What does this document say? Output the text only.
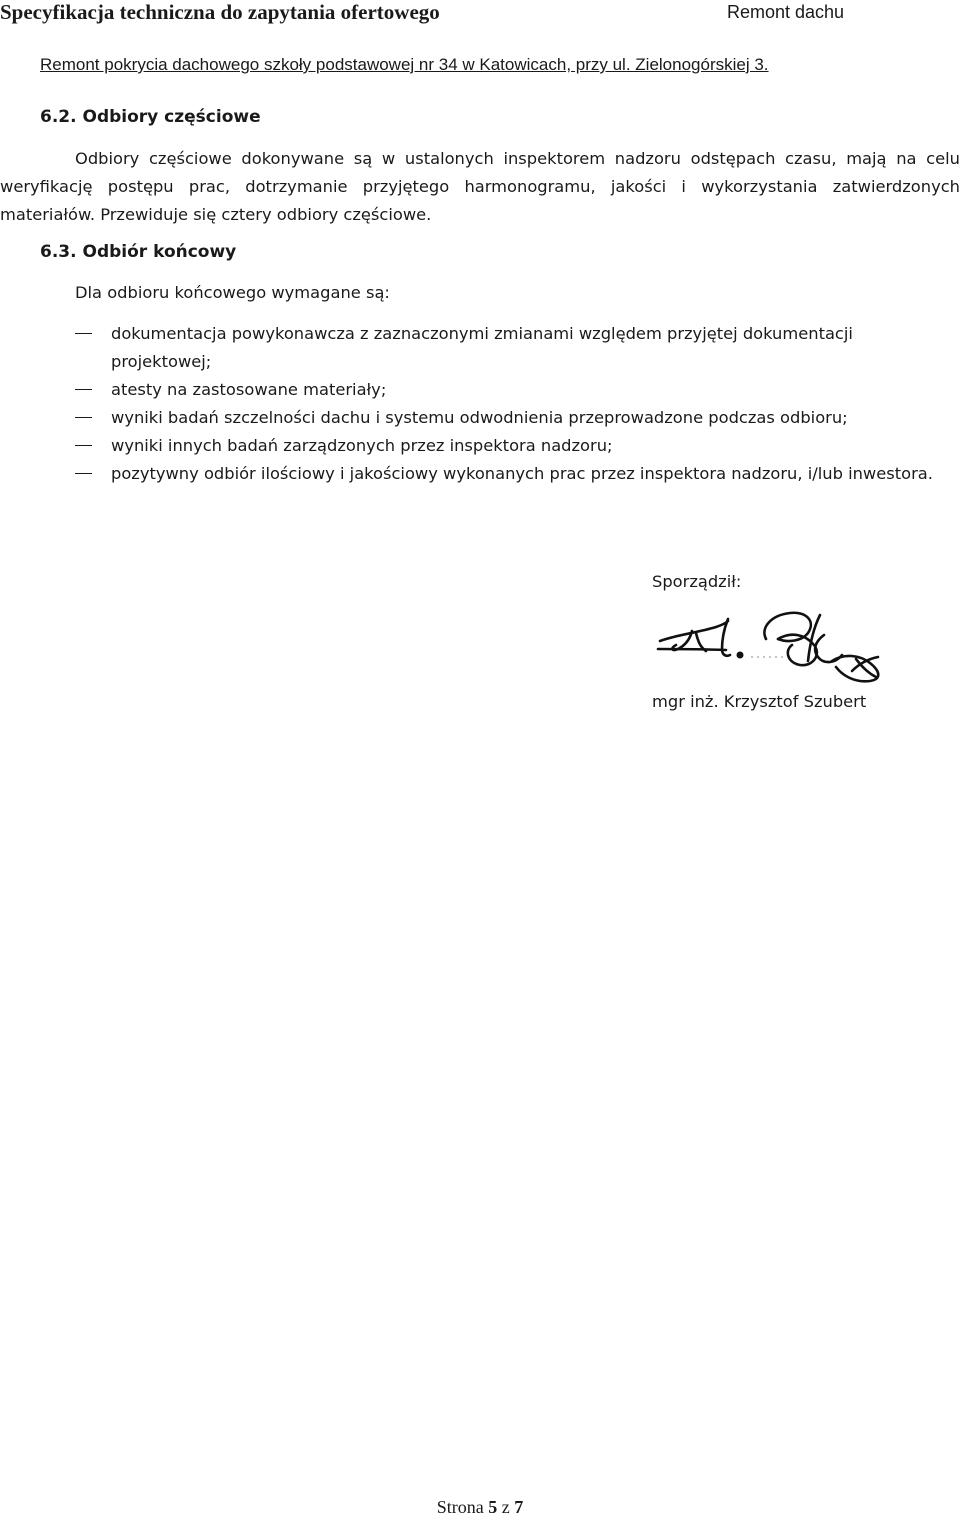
Specyfikacja techniczna do zapytania ofertowego	Remont dachu
Remont pokrycia dachowego szkoły podstawowej nr 34 w Katowicach, przy ul. Zielonogórskiej 3.
6.2. Odbiory częściowe

Odbiory częściowe dokonywane są w ustalonych inspektorem nadzoru odstępach czasu, mają na celu weryfikację postępu prac, dotrzymanie przyjętego harmonogramu, jakości i wykorzystania zatwierdzonych materiałów. Przewiduje się cztery odbiory częściowe.

6.3. Odbiór końcowy
Dla odbioru końcowego wymagane są:
dokumentacja powykonawcza z zaznaczonymi zmianami względem przyjętej dokumentacji projektowej;
atesty na zastosowane materiały;
wyniki badań szczelności dachu i systemu odwodnienia przeprowadzone podczas odbioru;
wyniki innych badań zarządzonych przez inspektora nadzoru;
pozytywny odbiór ilościowy i jakościowy wykonanych prac przez inspektora nadzoru, i/lub inwestora.
Sporządził:
mgr inż. Krzysztof Szubert
Strona 5 z 7
